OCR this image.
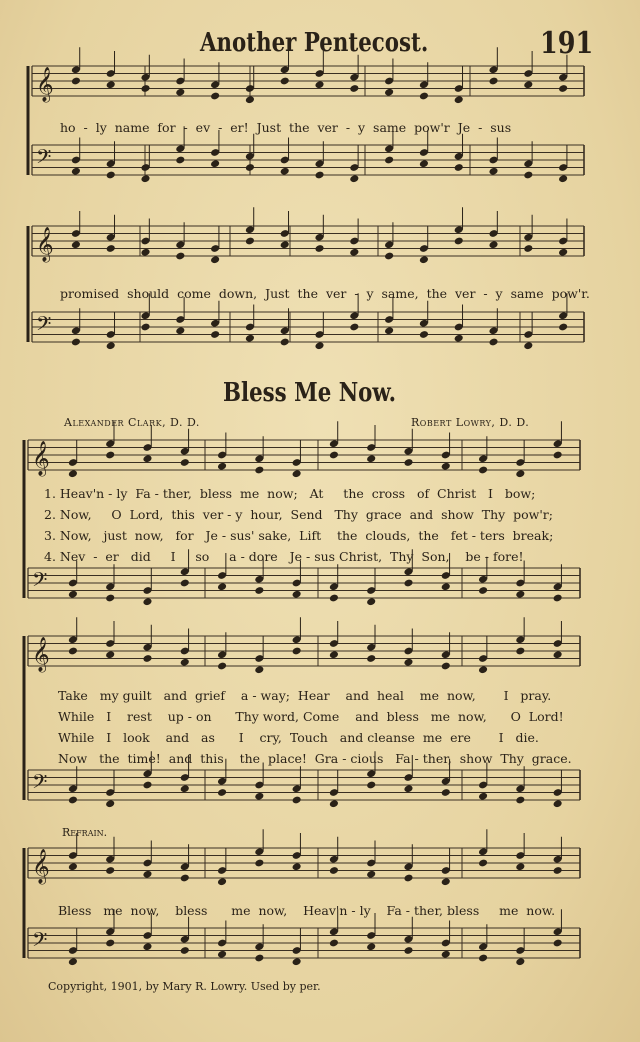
Another Pentecost.	191
𝄞
𝄢
𝄞
𝄢
𝄞
𝄢
𝄞
𝄢
𝄞
𝄢
ho  -  ly  name  for  -  ev  -  er!  Just  the  ver  -  y  same  pow'r  Je  -  sus
promised  should  come  down,  Just  the  ver  -  y  same,  the  ver  -  y  same  pow'r.
Bless Me Now.
Alexander Clark, D. D.	Robert Lowry, D. D.
1. Heav'n - ly  Fa - ther,  bless  me  now;   At     the  cross   of  Christ   I   bow;
2. Now,     O  Lord,  this  ver - y  hour,  Send   Thy  grace  and  show  Thy  pow'r;
3. Now,   just  now,   for   Je - sus' sake,  Lift    the  clouds,  the   fet - ters  break;
4. Nev  -  er   did     I     so     a - dore   Je - sus Christ,  Thy  Son,    be - fore!
Take   my guilt   and  grief    a - way;  Hear    and  heal    me  now,       I   pray.
While   I    rest    up - on      Thy word, Come    and  bless   me  now,      O  Lord!
While   I   look    and   as      I    cry,  Touch   and cleanse  me  ere       I   die.
Now   the  time!  and  this    the  place!  Gra - cious   Fa - ther,  show  Thy  grace.
Refrain.
Bless   me  now,    bless      me  now,    Heav'n - ly    Fa - ther, bless     me  now.
Copyright, 1901, by Mary R. Lowry. Used by per.
